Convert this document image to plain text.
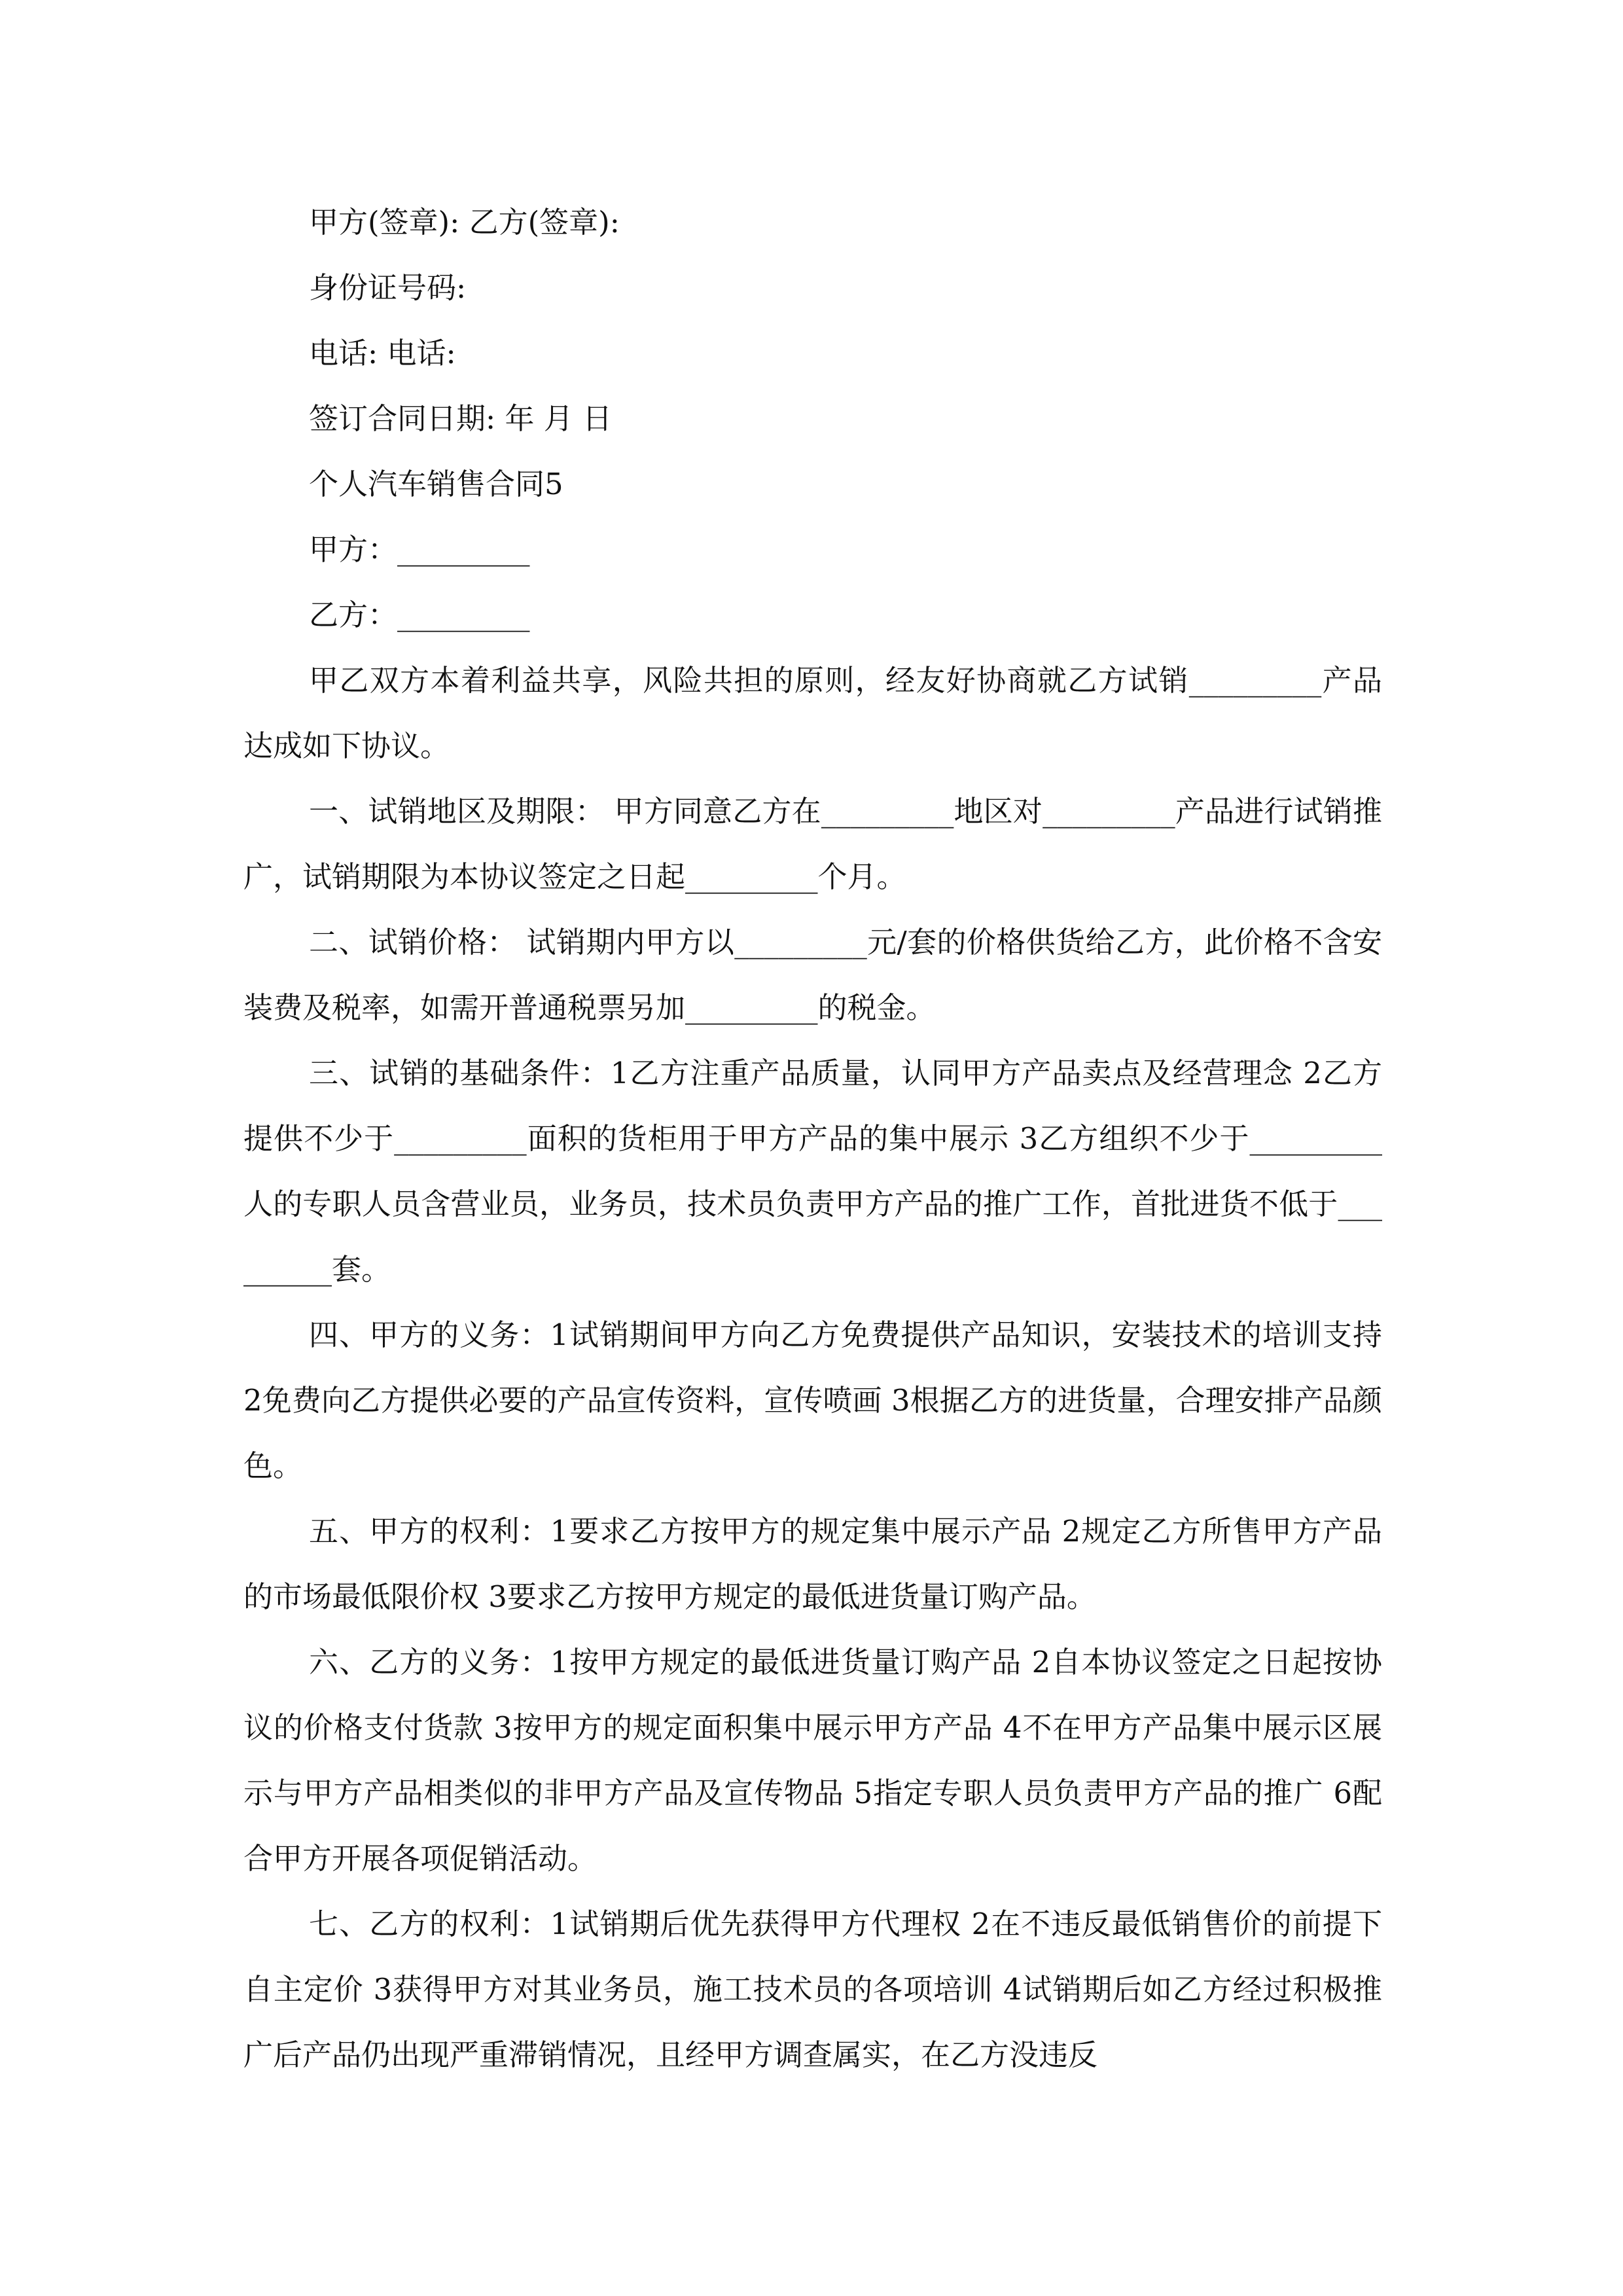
甲方(签章): 乙方(签章):

身份证号码:

电话: 电话:

签订合同日期: 年 月 日

个人汽车销售合同5

甲方：_________

乙方：_________

甲乙双方本着利益共享，风险共担的原则，经友好协商就乙方试销_________产品达成如下协议。

一、试销地区及期限： 甲方同意乙方在_________地区对_________产品进行试销推广，试销期限为本协议签定之日起_________个月。

二、试销价格： 试销期内甲方以_________元/套的价格供货给乙方，此价格不含安装费及税率，如需开普通税票另加_________的税金。

三、试销的基础条件：1乙方注重产品质量，认同甲方产品卖点及经营理念 2乙方提供不少于_________面积的货柜用于甲方产品的集中展示 3乙方组织不少于_________人的专职人员含营业员，业务员，技术员负责甲方产品的推广工作，首批进货不低于_________套。

四、甲方的义务：1试销期间甲方向乙方免费提供产品知识，安装技术的培训支持 2免费向乙方提供必要的产品宣传资料，宣传喷画 3根据乙方的进货量，合理安排产品颜色。

五、甲方的权利：1要求乙方按甲方的规定集中展示产品 2规定乙方所售甲方产品的市场最低限价权 3要求乙方按甲方规定的最低进货量订购产品。

六、乙方的义务：1按甲方规定的最低进货量订购产品 2自本协议签定之日起按协议的价格支付货款 3按甲方的规定面积集中展示甲方产品 4不在甲方产品集中展示区展示与甲方产品相类似的非甲方产品及宣传物品 5指定专职人员负责甲方产品的推广 6配合甲方开展各项促销活动。

七、乙方的权利：1试销期后优先获得甲方代理权 2在不违反最低销售价的前提下自主定价 3获得甲方对其业务员，施工技术员的各项培训 4试销期后如乙方经过积极推广后产品仍出现严重滞销情况，且经甲方调查属实，在乙方没违反
